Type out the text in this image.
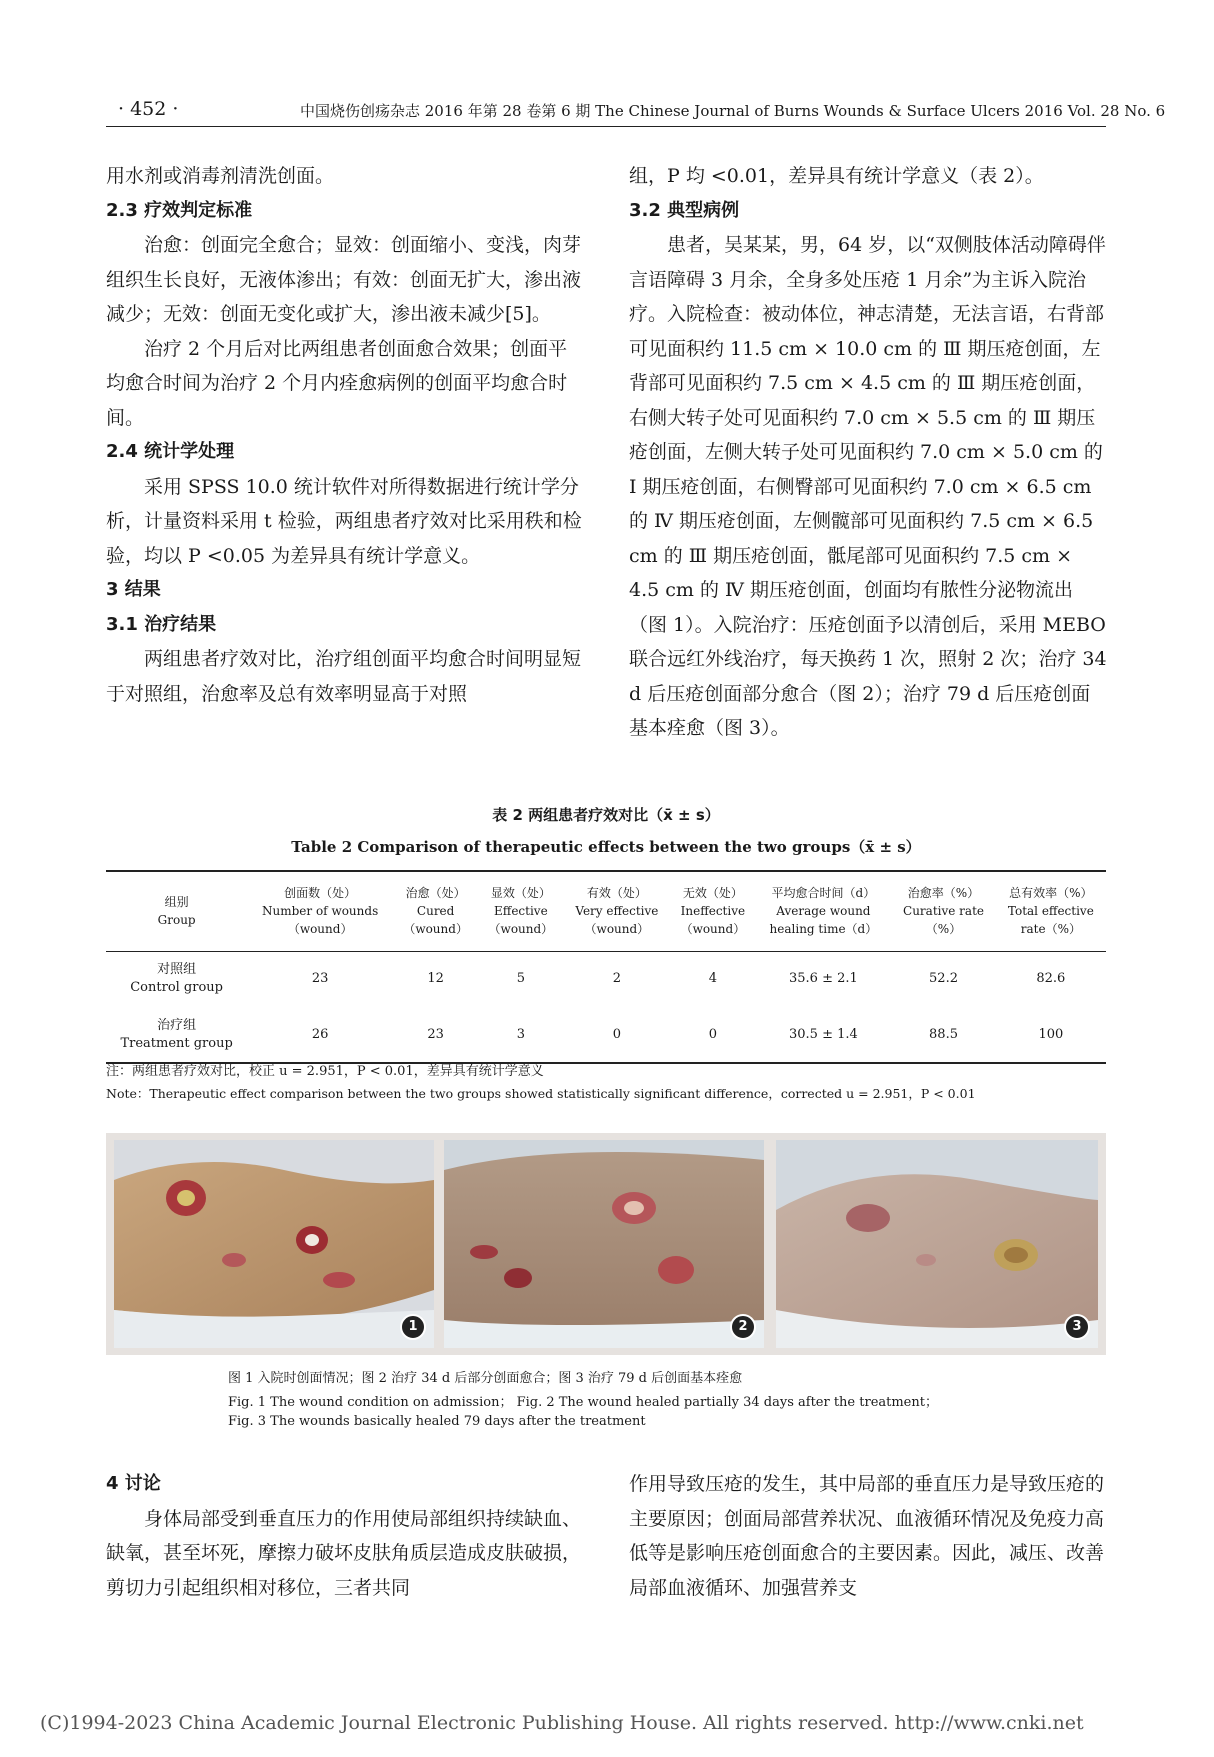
· 452 ·	中国烧伤创疡杂志 2016 年第 28 卷第 6 期 The Chinese Journal of Burns Wounds & Surface Ulcers 2016 Vol. 28 No. 6

用水剂或消毒剂清洗创面。

2.3 疗效判定标准

治愈：创面完全愈合；显效：创面缩小、变浅，肉芽组织生长良好，无液体渗出；有效：创面无扩大，渗出液减少；无效：创面无变化或扩大，渗出液未减少[5]。

治疗 2 个月后对比两组患者创面愈合效果；创面平均愈合时间为治疗 2 个月内痊愈病例的创面平均愈合时间。

2.4 统计学处理

采用 SPSS 10.0 统计软件对所得数据进行统计学分析，计量资料采用 t 检验，两组患者疗效对比采用秩和检验，均以 P <0.05 为差异具有统计学意义。

3 结果

3.1 治疗结果

两组患者疗效对比，治疗组创面平均愈合时间明显短于对照组，治愈率及总有效率明显高于对照

组，P 均 <0.01，差异具有统计学意义（表 2）。

3.2 典型病例

患者，吴某某，男，64 岁，以“双侧肢体活动障碍伴言语障碍 3 月余，全身多处压疮 1 月余”为主诉入院治疗。入院检查：被动体位，神志清楚，无法言语，右背部可见面积约 11.5 cm × 10.0 cm 的 Ⅲ 期压疮创面，左背部可见面积约 7.5 cm × 4.5 cm 的 Ⅲ 期压疮创面，右侧大转子处可见面积约 7.0 cm × 5.5 cm 的 Ⅲ 期压疮创面，左侧大转子处可见面积约 7.0 cm × 5.0 cm 的 Ⅰ 期压疮创面，右侧臀部可见面积约 7.0 cm × 6.5 cm 的 Ⅳ 期压疮创面，左侧髋部可见面积约 7.5 cm × 6.5 cm 的 Ⅲ 期压疮创面，骶尾部可见面积约 7.5 cm × 4.5 cm 的 Ⅳ 期压疮创面，创面均有脓性分泌物流出（图 1）。入院治疗：压疮创面予以清创后，采用 MEBO 联合远红外线治疗，每天换药 1 次，照射 2 次；治疗 34 d 后压疮创面部分愈合（图 2）；治疗 79 d 后压疮创面基本痊愈（图 3）。

表 2 两组患者疗效对比（x̄ ± s）
Table 2 Comparison of therapeutic effects between the two groups（x̄ ± s）
组别
Group	创面数（处）
Number of wounds
（wound）	治愈（处）
Cured
（wound）	显效（处）
Effective
（wound）	有效（处）
Very effective
（wound）	无效（处）
Ineffective
（wound）	平均愈合时间（d）
Average wound
healing time（d）	治愈率（%）
Curative rate
（%）	总有效率（%）
Total effective
rate（%）
对照组
Control group	23	12	5	2	4	35.6 ± 2.1	52.2	82.6
治疗组
Treatment group	26	23	3	0	0	30.5 ± 1.4	88.5	100
注：两组患者疗效对比，校正 u = 2.951，P < 0.01，差异具有统计学意义
Note：Therapeutic effect comparison between the two groups showed statistically significant difference，corrected u = 2.951，P < 0.01
1	2	3
图 1 入院时创面情况；图 2 治疗 34 d 后部分创面愈合；图 3 治疗 79 d 后创面基本痊愈
Fig. 1 The wound condition on admission； Fig. 2 The wound healed partially 34 days after the treatment；
Fig. 3 The wounds basically healed 79 days after the treatment

4 讨论

身体局部受到垂直压力的作用使局部组织持续缺血、缺氧，甚至坏死，摩擦力破坏皮肤角质层造成皮肤破损，剪切力引起组织相对移位，三者共同

作用导致压疮的发生，其中局部的垂直压力是导致压疮的主要原因；创面局部营养状况、血液循环情况及免疫力高低等是影响压疮创面愈合的主要因素。因此，减压、改善局部血液循环、加强营养支

(C)1994-2023 China Academic Journal Electronic Publishing House. All rights reserved. http://www.cnki.net
